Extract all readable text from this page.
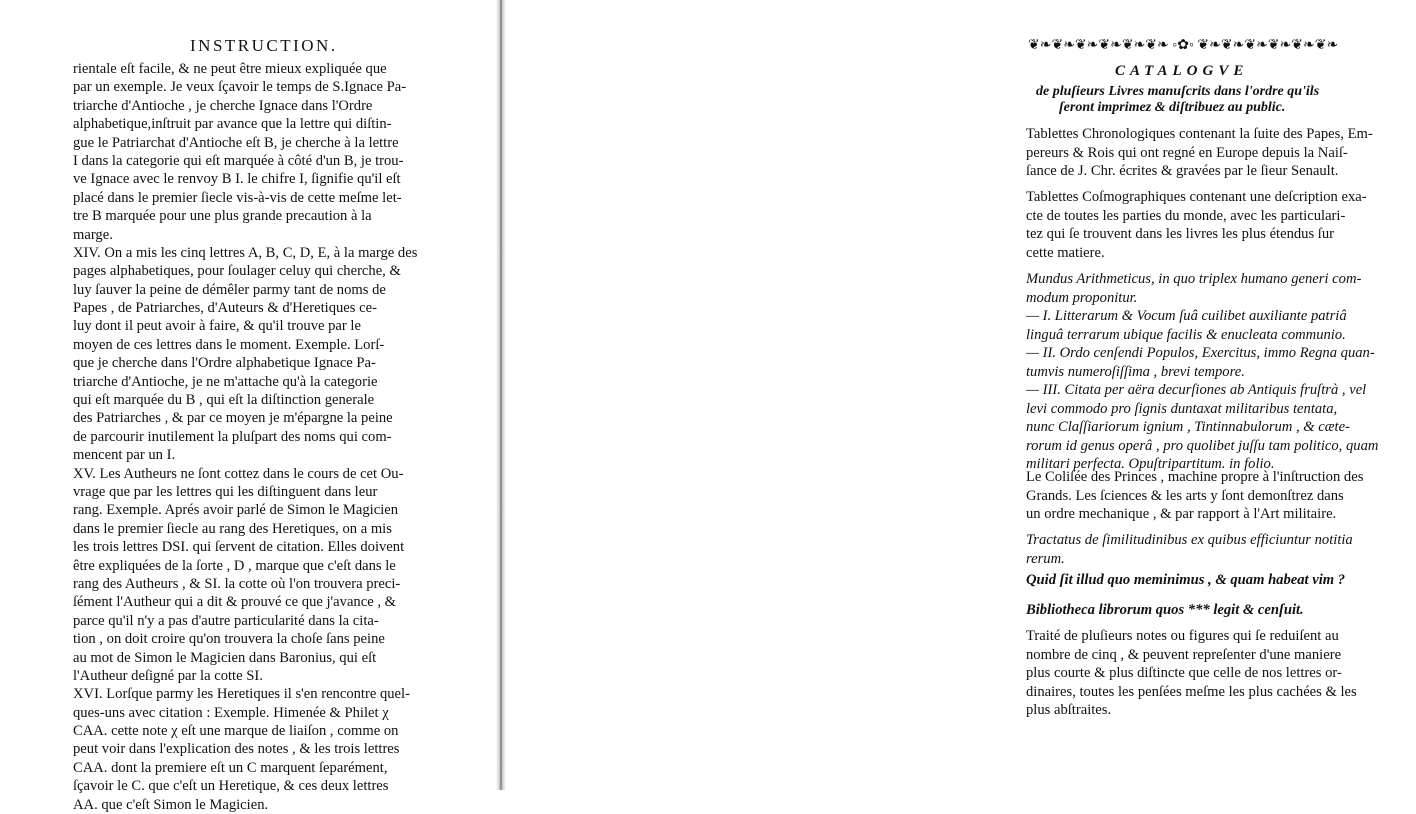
INSTRUCTION.
rientale eſt facile, & ne peut être mieux expliquée que
par un exemple. Je veux ſçavoir le temps de S.Ignace Pa-
triarche d'Antioche , je cherche Ignace dans l'Ordre
alphabetique,inſtruit par avance que la lettre qui diſtin-
gue le Patriarchat d'Antioche eſt B, je cherche à la lettre
I dans la categorie qui eſt marquée à côté d'un B, je trou-
ve Ignace avec le renvoy B I. le chifre I, ſignifie qu'il eſt
placé dans le premier ſiecle vis-à-vis de cette meſme let-
tre B marquée pour une plus grande precaution à la
marge.
XIV. On a mis les cinq lettres A, B, C, D, E, à la marge des
pages alphabetiques, pour ſoulager celuy qui cherche, &
luy ſauver la peine de démêler parmy tant de noms de
Papes , de Patriarches, d'Auteurs & d'Heretiques ce-
luy dont il peut avoir à faire, & qu'il trouve par le
moyen de ces lettres dans le moment. Exemple. Lorſ-
que je cherche dans l'Ordre alphabetique Ignace Pa-
triarche d'Antioche, je ne m'attache qu'à la categorie
qui eſt marquée du B , qui eſt la diſtinction generale
des Patriarches , & par ce moyen je m'épargne la peine
de parcourir inutilement la pluſpart des noms qui com-
mencent par un I.
XV. Les Autheurs ne ſont cottez dans le cours de cet Ou-
vrage que par les lettres qui les diſtinguent dans leur
rang. Exemple. Aprés avoir parlé de Simon le Magicien
dans le premier ſiecle au rang des Heretiques, on a mis
les trois lettres DSI. qui ſervent de citation. Elles doivent
être expliquées de la ſorte , D , marque que c'eſt dans le
rang des Autheurs , & SI. la cotte où l'on trouvera preci-
ſément l'Autheur qui a dit & prouvé ce que j'avance , &
parce qu'il n'y a pas d'autre particularité dans la cita-
tion , on doit croire qu'on trouvera la choſe ſans peine
au mot de Simon le Magicien dans Baronius, qui eſt
l'Autheur deſigné par la cotte SI.
XVI. Lorſque parmy les Heretiques il s'en rencontre quel-
ques-uns avec citation : Exemple. Himenée & Philet χ
CAA. cette note χ eſt une marque de liaiſon , comme on
peut voir dans l'explication des notes , & les trois lettres
CAA. dont la premiere eſt un C marquent ſeparément,
ſçavoir le C. que c'eſt un Heretique, & ces deux lettres
AA. que c'eſt Simon le Magicien.
❦❧❦❧❦❧❦❧❦❧❦❧ ◦✿◦ ❦❧❦❧❦❧❦❧❦❧❦❧
CATALOGVE
de pluſieurs Livres manuſcrits dans l'ordre qu'ils
ſeront imprimez & diſtribuez au public.
Tablettes Chronologiques contenant la ſuite des Papes, Em-
pereurs & Rois qui ont regné en Europe depuis la Naiſ-
ſance de J. Chr. écrites & gravées par le ſieur Senault.
Tablettes Coſmographiques contenant une deſcription exa-
cte de toutes les parties du monde, avec les particulari-
tez qui ſe trouvent dans les livres les plus étendus ſur
cette matiere.
Mundus Arithmeticus, in quo triplex humano generi com-
modum proponitur.
— I. Litterarum & Vocum ſuâ cuilibet auxiliante patriâ
linguâ terrarum ubique facilis & enucleata communio.
— II. Ordo cenſendi Populos, Exercitus, immo Regna quan-
tumvis numeroſiſſima , brevi tempore.
— III. Citata per aëra decurſiones ab Antiquis fruſtrà , vel
levi commodo pro ſignis duntaxat militaribus tentata,
nunc Claſſiariorum ignium , Tintinnabulorum , & cæte-
rorum id genus operâ , pro quolibet juſſu tam politico, quam
militari perfecta. Opuſtripartitum. in folio.
Le Coliſée des Princes , machine propre à l'inſtruction des
Grands. Les ſciences & les arts y ſont demonſtrez dans
un ordre mechanique , & par rapport à l'Art militaire.
Tractatus de ſimilitudinibus ex quibus efficiuntur notitia
rerum.
Quid ſit illud quo meminimus , & quam habeat vim ?
Bibliotheca librorum quos *** legit & cenſuit.
Traité de pluſieurs notes ou figures qui ſe reduiſent au
nombre de cinq , & peuvent repreſenter d'une maniere
plus courte & plus diſtincte que celle de nos lettres or-
dinaires, toutes les penſées meſme les plus cachées & les
plus abſtraites.
